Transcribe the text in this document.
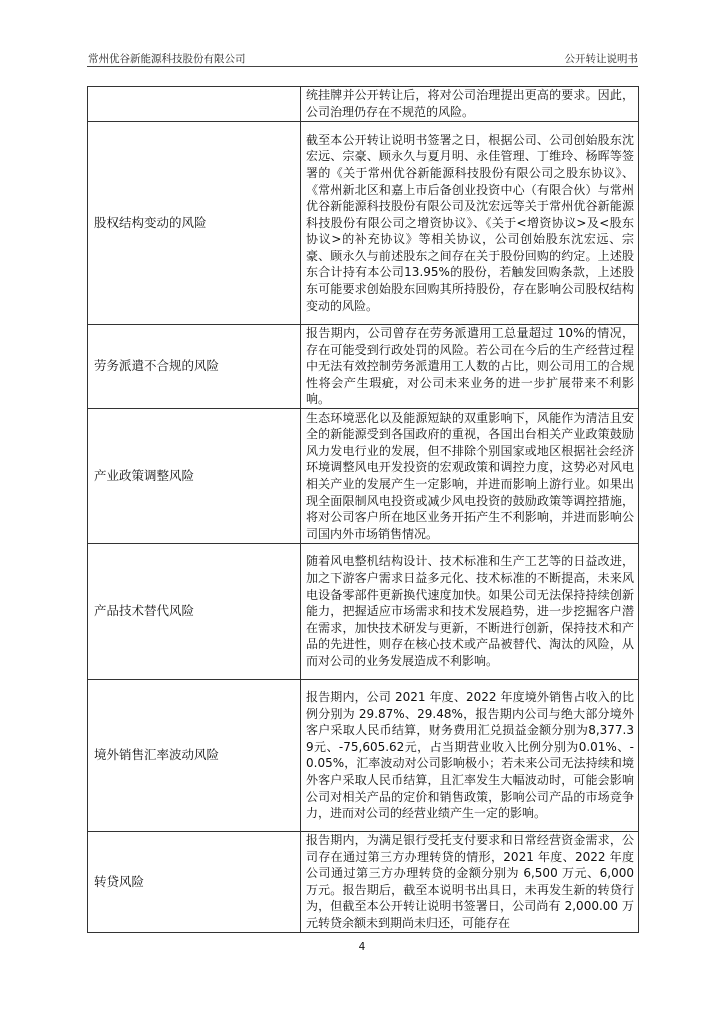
常州优谷新能源科技股份有限公司	公开转让说明书
	统挂牌并公开转让后，将对公司治理提出更高的要求。因此，公司治理仍存在不规范的风险。
股权结构变动的风险	截至本公开转让说明书签署之日，根据公司、公司创始股东沈宏远、宗豪、顾永久与夏月明、永佳管理、丁维玲、杨晖等签署的《关于常州优谷新能源科技股份有限公司之股东协议》、《常州新北区和嘉上市后备创业投资中心（有限合伙）与常州优谷新能源科技股份有限公司及沈宏远等关于常州优谷新能源科技股份有限公司之增资协议》、《关于<增资协议>及<股东协议>的补充协议》等相关协议，公司创始股东沈宏远、宗豪、顾永久与前述股东之间存在关于股份回购的约定。上述股东合计持有本公司13.95%的股份，若触发回购条款，上述股东可能要求创始股东回购其所持股份，存在影响公司股权结构变动的风险。
劳务派遣不合规的风险	报告期内，公司曾存在劳务派遣用工总量超过 10%的情况，存在可能受到行政处罚的风险。若公司在今后的生产经营过程中无法有效控制劳务派遣用工人数的占比，则公司用工的合规性将会产生瑕疵，对公司未来业务的进一步扩展带来不利影响。
产业政策调整风险	生态环境恶化以及能源短缺的双重影响下，风能作为清洁且安全的新能源受到各国政府的重视，各国出台相关产业政策鼓励风力发电行业的发展，但不排除个别国家或地区根据社会经济环境调整风电开发投资的宏观政策和调控力度，这势必对风电相关产业的发展产生一定影响，并进而影响上游行业。如果出现全面限制风电投资或减少风电投资的鼓励政策等调控措施，将对公司客户所在地区业务开拓产生不利影响，并进而影响公司国内外市场销售情况。
产品技术替代风险	随着风电整机结构设计、技术标准和生产工艺等的日益改进，加之下游客户需求日益多元化、技术标准的不断提高，未来风电设备零部件更新换代速度加快。如果公司无法保持持续创新能力，把握适应市场需求和技术发展趋势，进一步挖掘客户潜在需求，加快技术研发与更新，不断进行创新，保持技术和产品的先进性，则存在核心技术或产品被替代、淘汰的风险，从而对公司的业务发展造成不利影响。
境外销售汇率波动风险	报告期内，公司 2021 年度、2022 年度境外销售占收入的比例分别为 29.87%、29.48%，报告期内公司与绝大部分境外客户采取人民币结算，财务费用汇兑损益金额分别为8,377.39元、-75,605.62元，占当期营业收入比例分别为0.01%、-0.05%，汇率波动对公司影响极小；若未来公司无法持续和境外客户采取人民币结算，且汇率发生大幅波动时，可能会影响公司对相关产品的定价和销售政策，影响公司产品的市场竞争力，进而对公司的经营业绩产生一定的影响。
转贷风险	报告期内，为满足银行受托支付要求和日常经营资金需求，公司存在通过第三方办理转贷的情形，2021 年度、2022 年度公司通过第三方办理转贷的金额分别为 6,500 万元、6,000 万元。报告期后，截至本说明书出具日，未再发生新的转贷行为，但截至本公开转让说明书签署日，公司尚有 2,000.00 万元转贷余额未到期尚未归还，可能存在
4
